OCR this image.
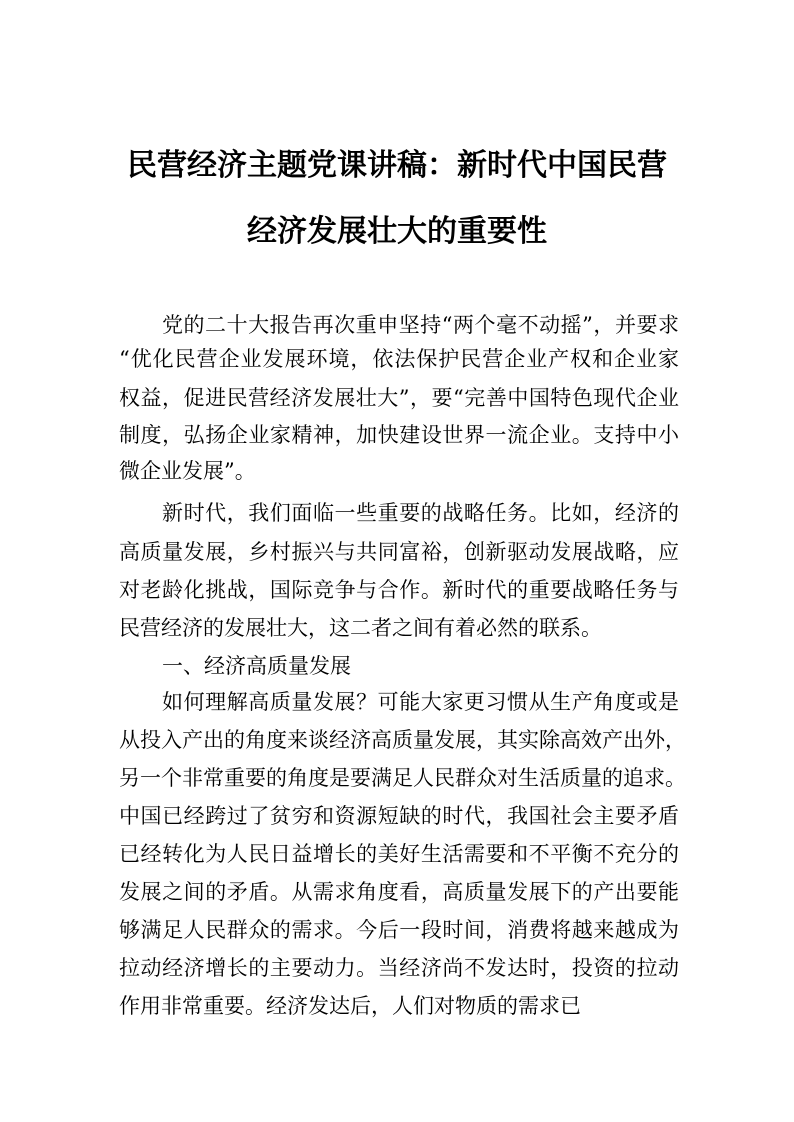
民营经济主题党课讲稿：新时代中国民营
经济发展壮大的重要性
党的二十大报告再次重申坚持“两个毫不动摇”，并要求
“优化民营企业发展环境，依法保护民营企业产权和企业家
权益，促进民营经济发展壮大”，要“完善中国特色现代企业
制度，弘扬企业家精神，加快建设世界一流企业。支持中小
微企业发展”。
新时代，我们面临一些重要的战略任务。比如，经济的
高质量发展，乡村振兴与共同富裕，创新驱动发展战略，应
对老龄化挑战，国际竞争与合作。新时代的重要战略任务与
民营经济的发展壮大，这二者之间有着必然的联系。
一、经济高质量发展
如何理解高质量发展？可能大家更习惯从生产角度或是
从投入产出的角度来谈经济高质量发展，其实除高效产出外，
另一个非常重要的角度是要满足人民群众对生活质量的追求。
中国已经跨过了贫穷和资源短缺的时代，我国社会主要矛盾
已经转化为人民日益增长的美好生活需要和不平衡不充分的
发展之间的矛盾。从需求角度看，高质量发展下的产出要能
够满足人民群众的需求。今后一段时间，消费将越来越成为
拉动经济增长的主要动力。当经济尚不发达时，投资的拉动
作用非常重要。经济发达后，人们对物质的需求已
